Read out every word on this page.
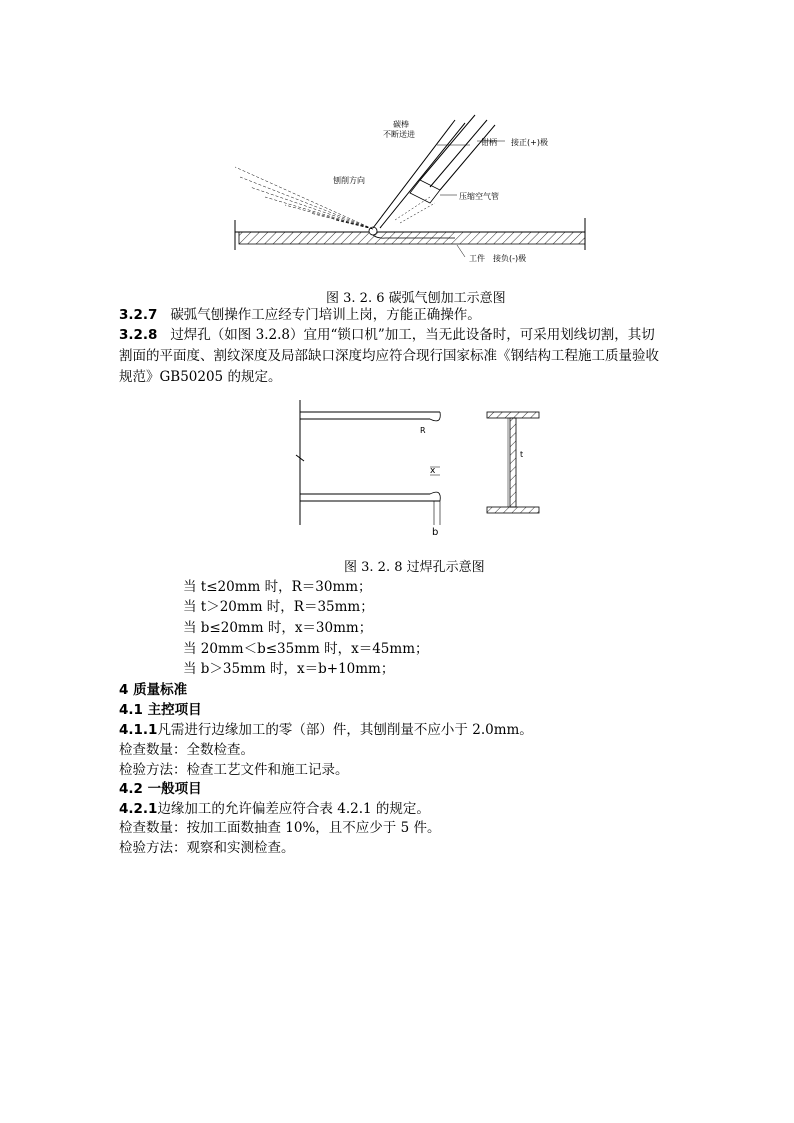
碳棒
不断送进
钳柄 接正(+)极
刨削方向
压缩空气管
工件 接负(-)极
图 3. 2. 6 碳弧气刨加工示意图
3.2.7 碳弧气刨操作工应经专门培训上岗，方能正确操作。
3.2.8 过焊孔（如图 3.2.8）宜用“锁口机”加工，当无此设备时，可采用划线切割，其切
割面的平面度、割纹深度及局部缺口深度均应符合现行国家标准《钢结构工程施工质量验收
规范》GB50205 的规定。
R
x
b
t
图 3. 2. 8 过焊孔示意图
当 t≤20mm 时，R＝30mm；
当 t＞20mm 时，R＝35mm；
当 b≤20mm 时，x＝30mm；
当 20mm＜b≤35mm 时，x＝45mm；
当 b＞35mm 时，x＝b+10mm；
4 质量标准
4.1 主控项目
4.1.1凡需进行边缘加工的零（部）件，其刨削量不应小于 2.0mm。
检查数量：全数检查。
检验方法：检查工艺文件和施工记录。
4.2 一般项目
4.2.1边缘加工的允许偏差应符合表 4.2.1 的规定。
检查数量：按加工面数抽查 10%，且不应少于 5 件。
检验方法：观察和实测检查。
